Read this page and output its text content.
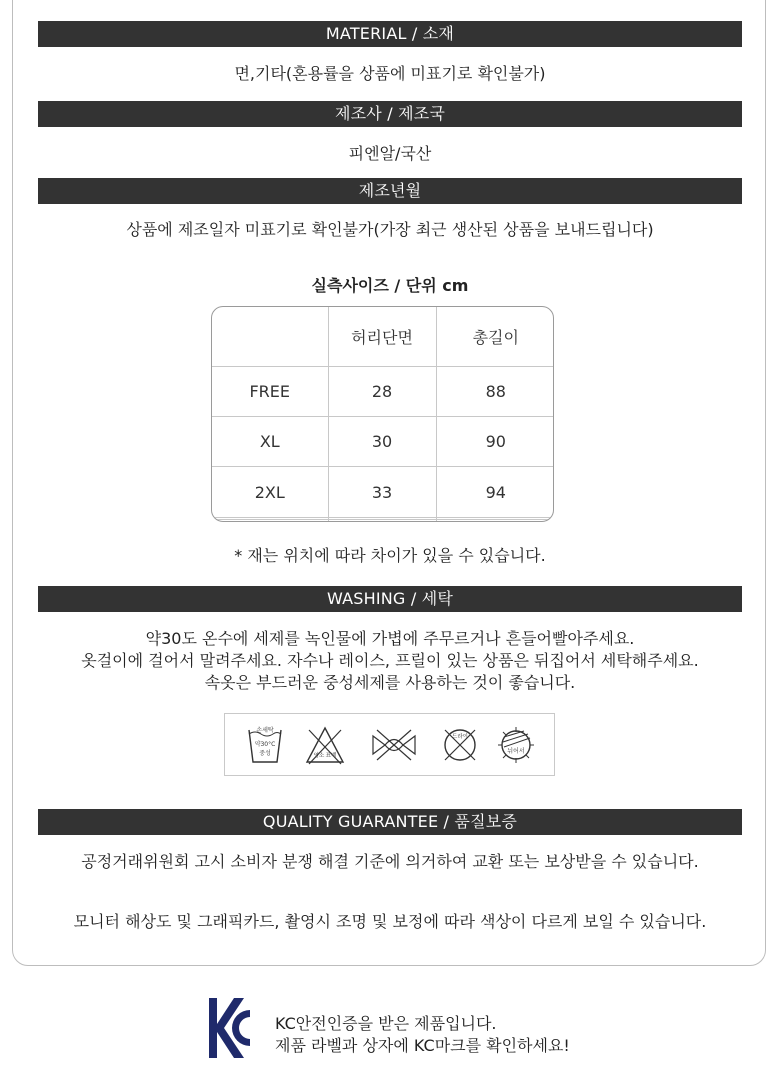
MATERIAL / 소재
면,기타(혼용률을 상품에 미표기로 확인불가)
제조사 / 제조국
피엔알/국산
제조년월
상품에 제조일자 미표기로 확인불가(가장 최근 생산된 상품을 보내드립니다)
실측사이즈 / 단위 cm
	허리단면	총길이
FREE	28	88
XL	30	90
2XL	33	94

* 재는 위치에 따라 차이가 있을 수 있습니다.
WASHING / 세탁
약30도 온수에 세제를 녹인물에 가볍에 주무르거나 흔들어빨아주세요.
옷걸이에 걸어서 말려주세요. 자수나 레이스, 프릴이 있는 상품은 뒤집어서 세탁해주세요.
속옷은 부드러운 중성세제를 사용하는 것이 좋습니다.
손세탁
약30°C
중성	염소 표백
드라이
뉘어서
QUALITY GUARANTEE / 품질보증
공정거래위원회 고시 소비자 분쟁 해결 기준에 의거하여 교환 또는 보상받을 수 있습니다.
모니터 해상도 및 그래픽카드, 촬영시 조명 및 보정에 따라 색상이 다르게 보일 수 있습니다.
KC안전인증을 받은 제품입니다.
제품 라벨과 상자에 KC마크를 확인하세요!
